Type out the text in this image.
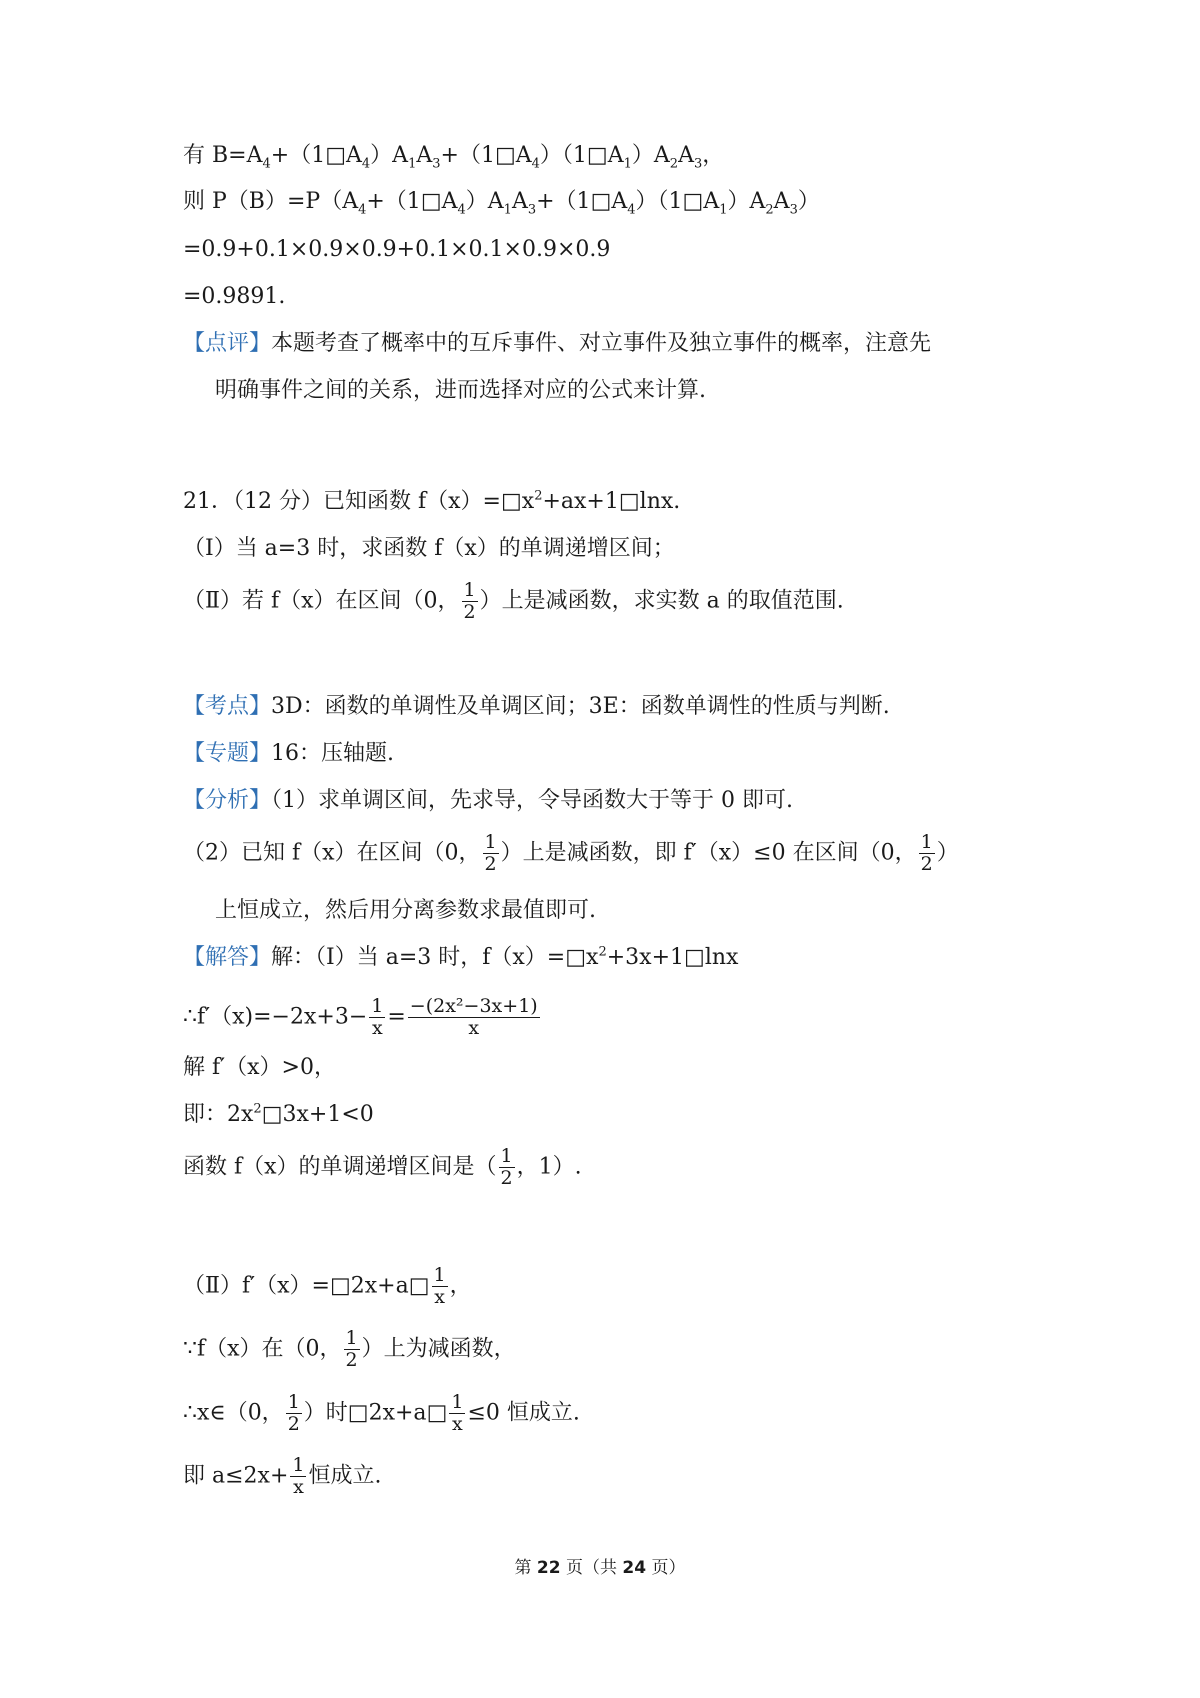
有 $B=A_4+(1□A_4)A_1A_3+(1□A_4)(1□A_1)A_2A_3$，
则 $P(B)=P(A_4+(1□A_4)A_1A_3+(1□A_4)(1□A_1)A_2A_3)$
=0.9+0.1×0.9×0.9+0.1×0.1×0.9×0.9
=0.9891.
【点评】本题考查了概率中的互斥事件、对立事件及独立事件的概率，注意先
明确事件之间的关系，进而选择对应的公式来计算.
21．（12 分）已知函数 $f(x)=□x^2+ax+1□\ln x$.
（Ⅰ）当 a=3 时，求函数 f（x）的单调递增区间；
（Ⅱ）若 f（x）在区间（0， $\frac{1}{2}$ ）上是减函数，求实数 a 的取值范围.
【考点】3D：函数的单调性及单调区间；3E：函数单调性的性质与判断.
【专题】16：压轴题.
【分析】（1）求单调区间，先求导，令导函数大于等于 0 即可.
（2）已知 f（x）在区间（0， $\frac{1}{2}$ ）上是减函数，即 f′（x）≤0 在区间（0， $\frac{1}{2}$ ）
上恒成立，然后用分离参数求最值即可.
【解答】解：（Ⅰ）当 a=3 时，$f(x)=□x^2+3x+1□\ln x$
∴f′（x)=−2x+3− $\frac{1}{x} = \frac{\text{−(2x²−3x+1)}}{x}$
解 f′（x）>0，
即：$2x^2□3x+1<0$
函数 f（x）的单调递增区间是（ $\frac{1}{2}$ ，1）.
（Ⅱ）f′（x）=□2x+a□ $\frac{1}{x}$ ，
∵f（x）在（0， $\frac{1}{2}$ ）上为减函数，
∴x∈（0， $\frac{1}{2}$ ）时□2x+a□ $\frac{1}{x} \le 0$ 恒成立.
即 $a\le 2x+ \frac{1}{x}$ 恒成立.
第 22 页（共 24 页）
